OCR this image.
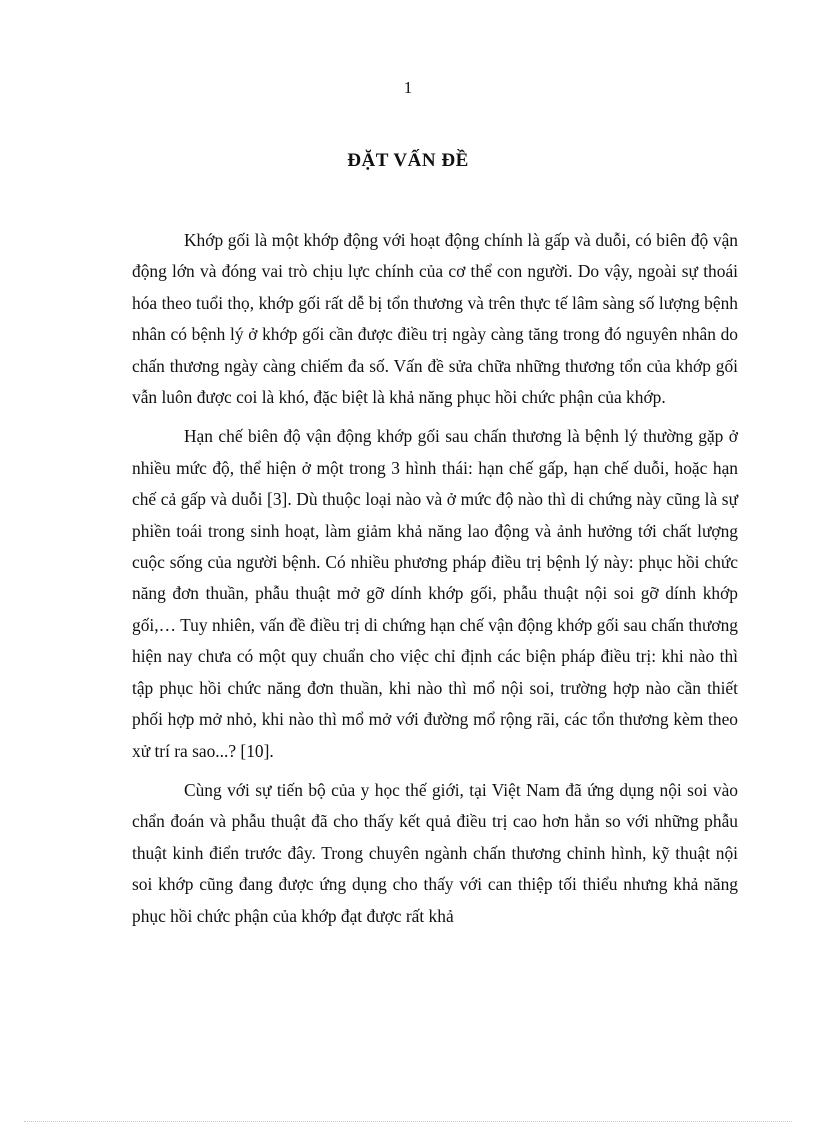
1
ĐẶT VẤN ĐỀ

Khớp gối là một khớp động với hoạt động chính là gấp và duỗi, có biên độ vận động lớn và đóng vai trò chịu lực chính của cơ thể con người. Do vậy, ngoài sự thoái hóa theo tuổi thọ, khớp gối rất dễ bị tổn thương và trên thực tế lâm sàng số lượng bệnh nhân có bệnh lý ở khớp gối cần được điều trị ngày càng tăng trong đó nguyên nhân do chấn thương ngày càng chiếm đa số. Vấn đề sửa chữa những thương tổn của khớp gối vẫn luôn được coi là khó, đặc biệt là khả năng phục hồi chức phận của khớp.

Hạn chế biên độ vận động khớp gối sau chấn thương là bệnh lý thường gặp ở nhiều mức độ, thể hiện ở một trong 3 hình thái: hạn chế gấp, hạn chế duỗi, hoặc hạn chế cả gấp và duỗi [3]. Dù thuộc loại nào và ở mức độ nào thì di chứng này cũng là sự phiền toái trong sinh hoạt, làm giảm khả năng lao động và ảnh hưởng tới chất lượng cuộc sống của người bệnh. Có nhiều phương pháp điều trị bệnh lý này: phục hồi chức năng đơn thuần, phẫu thuật mở gỡ dính khớp gối, phẫu thuật nội soi gỡ dính khớp gối,… Tuy nhiên, vấn đề điều trị di chứng hạn chế vận động khớp gối sau chấn thương hiện nay chưa có một quy chuẩn cho việc chỉ định các biện pháp điều trị: khi nào thì tập phục hồi chức năng đơn thuần, khi nào thì mổ nội soi, trường hợp nào cần thiết phối hợp mở nhỏ, khi nào thì mổ mở với đường mổ rộng rãi, các tổn thương kèm theo xử trí ra sao...? [10].

Cùng với sự tiến bộ của y học thế giới, tại Việt Nam đã ứng dụng nội soi vào chẩn đoán và phẫu thuật đã cho thấy kết quả điều trị cao hơn hẳn so với những phẫu thuật kinh điển trước đây. Trong chuyên ngành chấn thương chỉnh hình, kỹ thuật nội soi khớp cũng đang được ứng dụng cho thấy với can thiệp tối thiểu nhưng khả năng phục hồi chức phận của khớp đạt được rất khả
